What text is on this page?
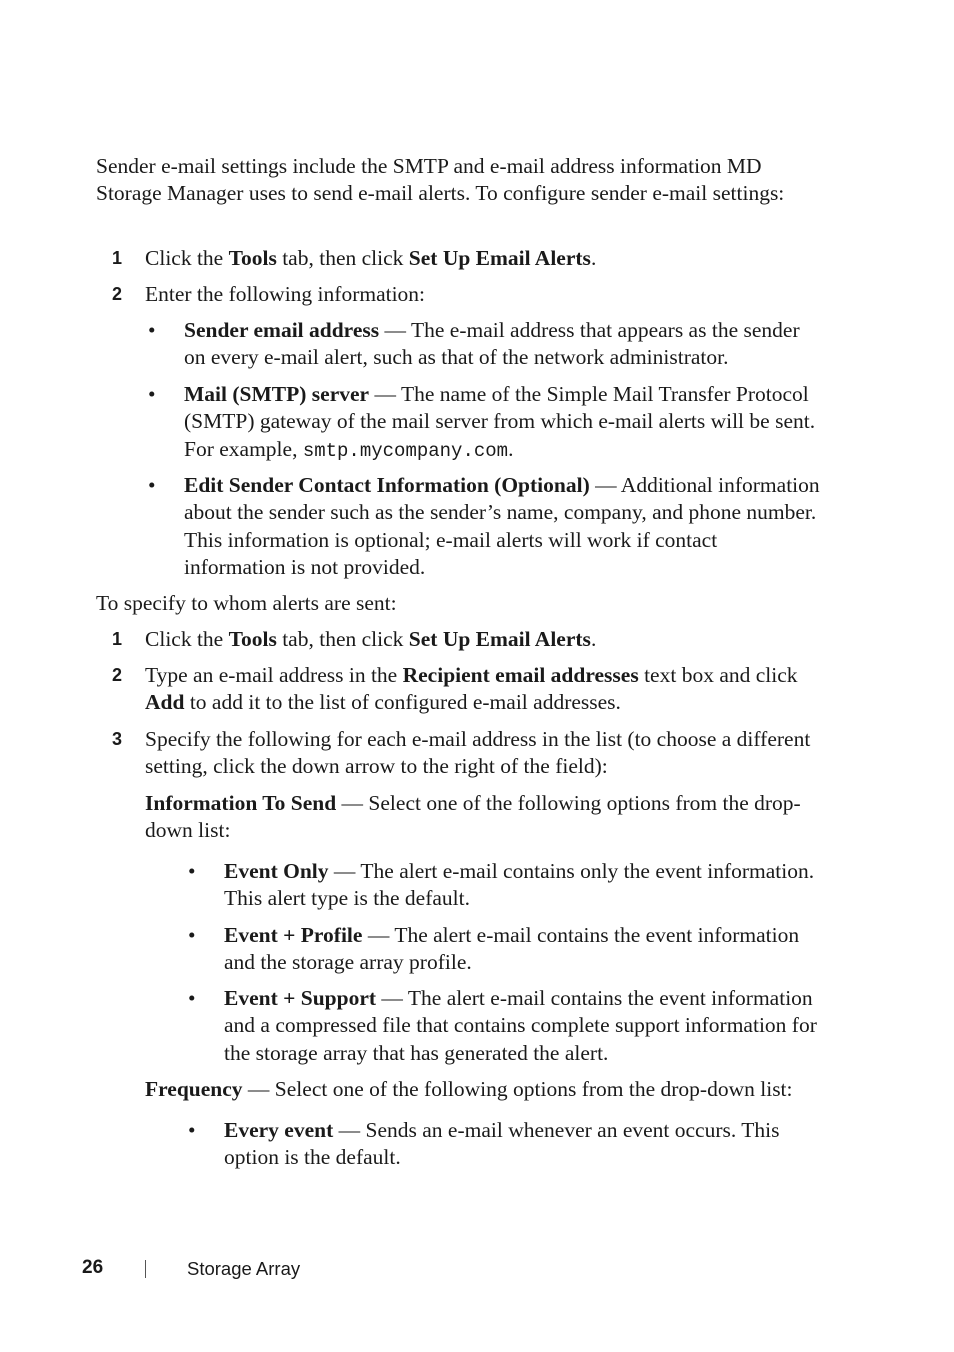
Sender e-mail settings include the SMTP and e-mail address information MD Storage Manager uses to send e-mail alerts. To configure sender e-mail settings:
1	Click the Tools tab, then click Set Up Email Alerts.
2	Enter the following information:
• Sender email address — The e-mail address that appears as the sender on every e-mail alert, such as that of the network administrator.
• Mail (SMTP) server — The name of the Simple Mail Transfer Protocol (SMTP) gateway of the mail server from which e-mail alerts will be sent. For example, smtp.mycompany.com.
• Edit Sender Contact Information (Optional) — Additional information about the sender such as the sender’s name, company, and phone number. This information is optional; e-mail alerts will work if contact information is not provided.
To specify to whom alerts are sent:
1	Click the Tools tab, then click Set Up Email Alerts.
2	Type an e-mail address in the Recipient email addresses text box and click Add to add it to the list of configured e-mail addresses.
3	Specify the following for each e-mail address in the list (to choose a different setting, click the down arrow to the right of the field):
Information To Send — Select one of the following options from the drop-down list:
• Event Only — The alert e-mail contains only the event information. This alert type is the default.
• Event + Profile — The alert e-mail contains the event information and the storage array profile.
• Event + Support — The alert e-mail contains the event information and a compressed file that contains complete support information for the storage array that has generated the alert.
Frequency — Select one of the following options from the drop-down list:
• Every event — Sends an e-mail whenever an event occurs. This option is the default.
26	Storage Array
